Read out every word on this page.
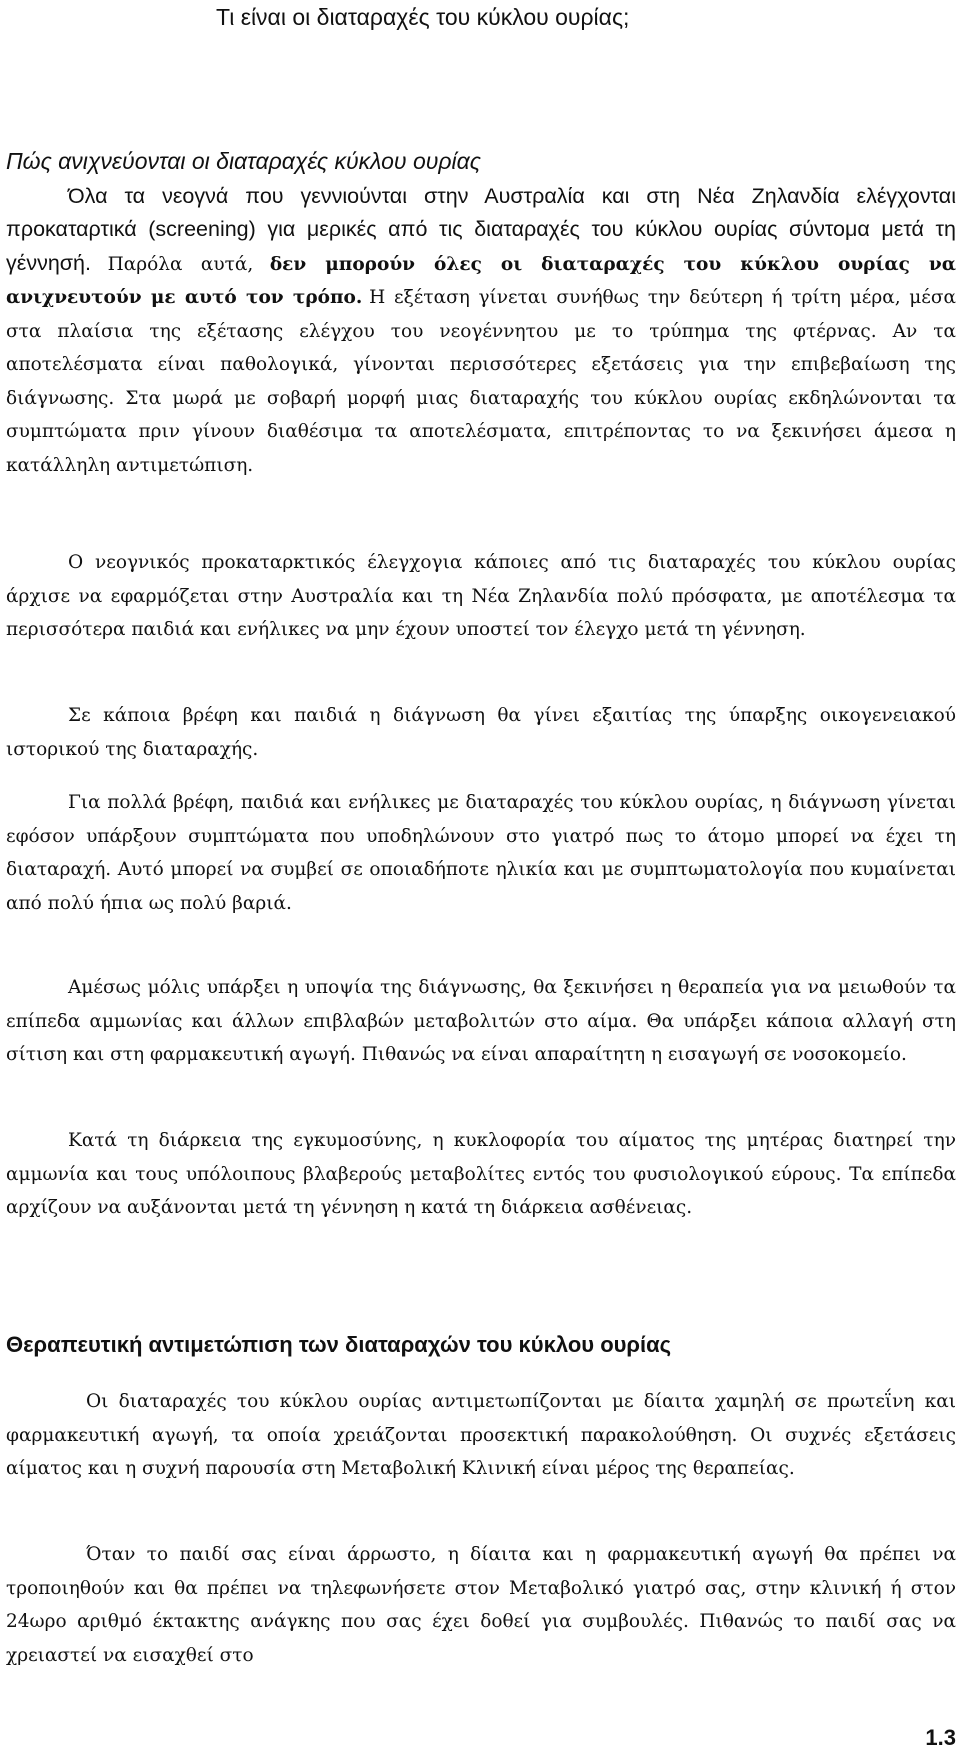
Τι είναι οι διαταραχές του κύκλου ουρίας;
Πώς ανιχνεύονται οι διαταραχές κύκλου ουρίας

Όλα τα νεογνά που γεννιούνται στην Αυστραλία και στη Νέα Ζηλανδία ελέγχονται προκαταρτικά (screening) για μερικές από τις διαταραχές του κύκλου ουρίας σύντομα μετά τη γέννησή. Παρόλα αυτά, δεν μπορούν όλες οι διαταραχές του κύκλου ουρίας να ανιχνευτούν με αυτό τον τρόπο. Η εξέταση γίνεται συνήθως την δεύτερη ή τρίτη μέρα, μέσα στα πλαίσια της εξέτασης ελέγχου του νεογέννητου με το τρύπημα της φτέρνας. Αν τα αποτελέσματα είναι παθολογικά, γίνονται περισσότερες εξετάσεις για την επιβεβαίωση της διάγνωσης. Στα μωρά με σοβαρή μορφή μιας διαταραχής του κύκλου ουρίας εκδηλώνονται τα συμπτώματα πριν γίνουν διαθέσιμα τα αποτελέσματα, επιτρέποντας το να ξεκινήσει άμεσα η κατάλληλη αντιμετώπιση.

Ο νεογνικός προκαταρκτικός έλεγχογια κάποιες από τις διαταραχές του κύκλου ουρίας άρχισε να εφαρμόζεται στην Αυστραλία και τη Νέα Ζηλανδία πολύ πρόσφατα, με αποτέλεσμα τα περισσότερα παιδιά και ενήλικες να μην έχουν υποστεί τον έλεγχο μετά τη γέννηση.

Σε κάποια βρέφη και παιδιά η διάγνωση θα γίνει εξαιτίας της ύπαρξης οικογενειακού ιστορικού της διαταραχής.

Για πολλά βρέφη, παιδιά και ενήλικες με διαταραχές του κύκλου ουρίας, η διάγνωση γίνεται εφόσον υπάρξουν συμπτώματα που υποδηλώνουν στο γιατρό πως το άτομο μπορεί να έχει τη διαταραχή. Αυτό μπορεί να συμβεί σε οποιαδήποτε ηλικία και με συμπτωματολογία που κυμαίνεται από πολύ ήπια ως πολύ βαριά.

Αμέσως μόλις υπάρξει η υποψία της διάγνωσης, θα ξεκινήσει η θεραπεία για να μειωθούν τα επίπεδα αμμωνίας και άλλων επιβλαβών μεταβολιτών στο αίμα. Θα υπάρξει κάποια αλλαγή στη σίτιση και στη φαρμακευτική αγωγή. Πιθανώς να είναι απαραίτητη η εισαγωγή σε νοσοκομείο.

Κατά τη διάρκεια της εγκυμοσύνης, η κυκλοφορία του αίματος της μητέρας διατηρεί την αμμωνία και τους υπόλοιπους βλαβερούς μεταβολίτες εντός του φυσιολογικού εύρους. Τα επίπεδα αρχίζουν να αυξάνονται μετά τη γέννηση η κατά τη διάρκεια ασθένειας.

Θεραπευτική αντιμετώπιση των διαταραχών του κύκλου ουρίας

Οι διαταραχές του κύκλου ουρίας αντιμετωπίζονται με δίαιτα χαμηλή σε πρωτεΐνη και φαρμακευτική αγωγή, τα οποία χρειάζονται προσεκτική παρακολούθηση. Οι συχνές εξετάσεις αίματος και η συχνή παρουσία στη Μεταβολική Κλινική είναι μέρος της θεραπείας.

Όταν το παιδί σας είναι άρρωστο, η δίαιτα και η φαρμακευτική αγωγή θα πρέπει να τροποιηθούν και θα πρέπει να τηλεφωνήσετε στον Μεταβολικό γιατρό σας, στην κλινική ή στον 24ωρο αριθμό έκτακτης ανάγκης που σας έχει δοθεί για συμβουλές. Πιθανώς το παιδί σας να χρειαστεί να εισαχθεί στο

1.3
